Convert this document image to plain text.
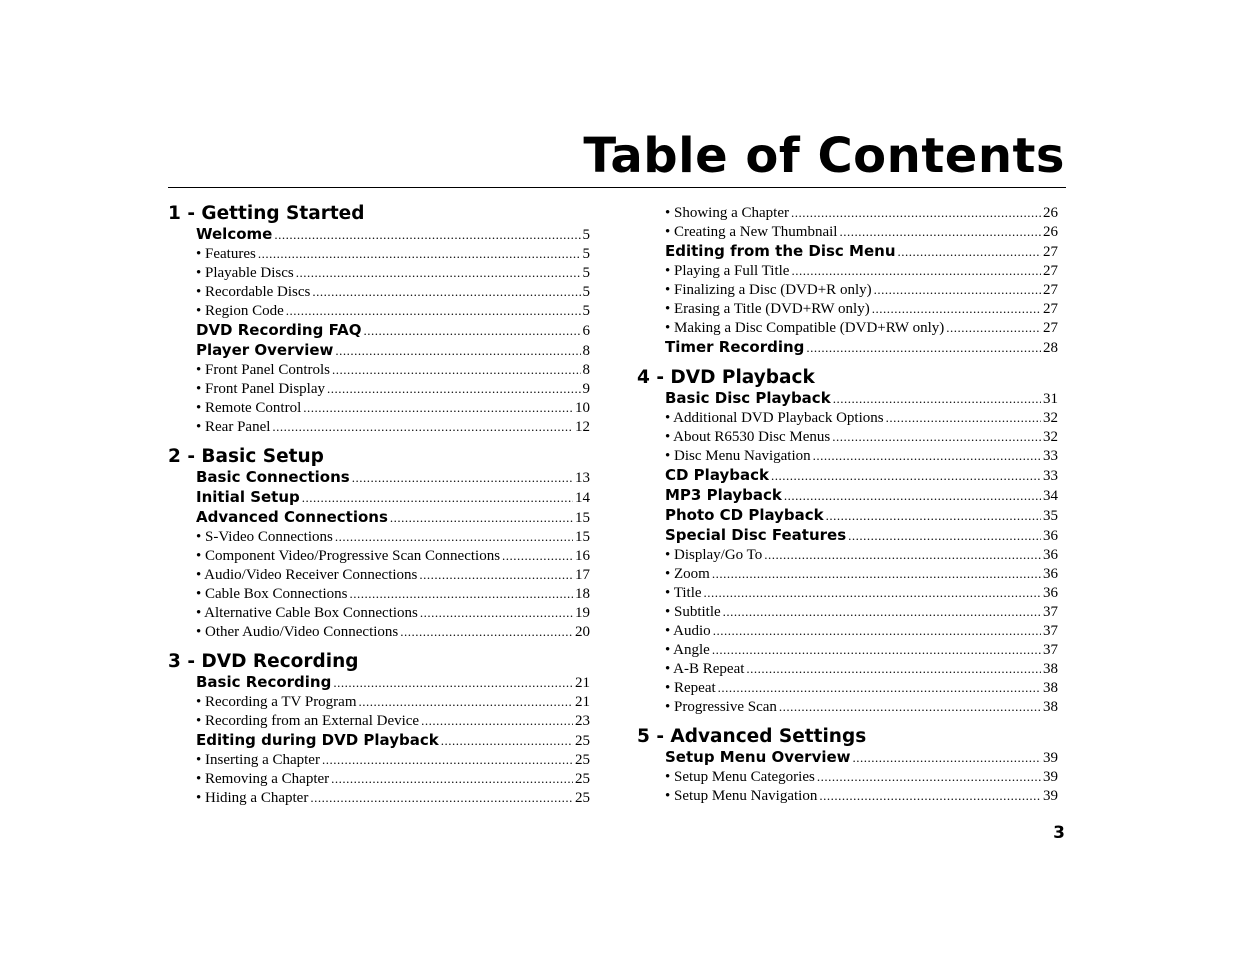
Table of Contents
1 - Getting Started
Welcome .....	5
• Features .....	5
• Playable Discs .....	5
• Recordable Discs .....	5
• Region Code .....	5
DVD Recording FAQ .....	6
Player Overview .....	8
• Front Panel Controls .....	8
• Front Panel Display .....	9
• Remote Control .....	10
• Rear Panel .....	12
2 - Basic Setup
Basic Connections .....	13
Initial Setup .....	14
Advanced Connections .....	15
• S-Video Connections .....	15
• Component Video/Progressive Scan Connections .....	16
• Audio/Video Receiver Connections .....	17
• Cable Box Connections .....	18
• Alternative Cable Box Connections .....	19
• Other Audio/Video Connections .....	20
3 - DVD Recording
Basic Recording .....	21
• Recording a TV Program .....	21
• Recording from an External Device .....	23
Editing during DVD Playback .....	25
• Inserting a Chapter .....	25
• Removing a Chapter .....	25
• Hiding a Chapter .....	25
• Showing a Chapter .....	26
• Creating a New Thumbnail .....	26
Editing from the Disc Menu .....	27
• Playing a Full Title .....	27
• Finalizing a Disc (DVD+R only) .....	27
• Erasing a Title (DVD+RW only) .....	27
• Making a Disc Compatible (DVD+RW only) .....	27
Timer Recording .....	28
4 - DVD Playback
Basic Disc Playback .....	31
• Additional DVD Playback Options .....	32
• About R6530 Disc Menus .....	32
• Disc Menu Navigation .....	33
CD Playback .....	33
MP3 Playback .....	34
Photo CD Playback .....	35
Special Disc Features .....	36
• Display/Go To .....	36
• Zoom .....	36
• Title .....	36
• Subtitle .....	37
• Audio .....	37
• Angle .....	37
• A-B Repeat .....	38
• Repeat .....	38
• Progressive Scan .....	38
5 - Advanced Settings
Setup Menu Overview .....	39
• Setup Menu Categories .....	39
• Setup Menu Navigation .....	39
3
